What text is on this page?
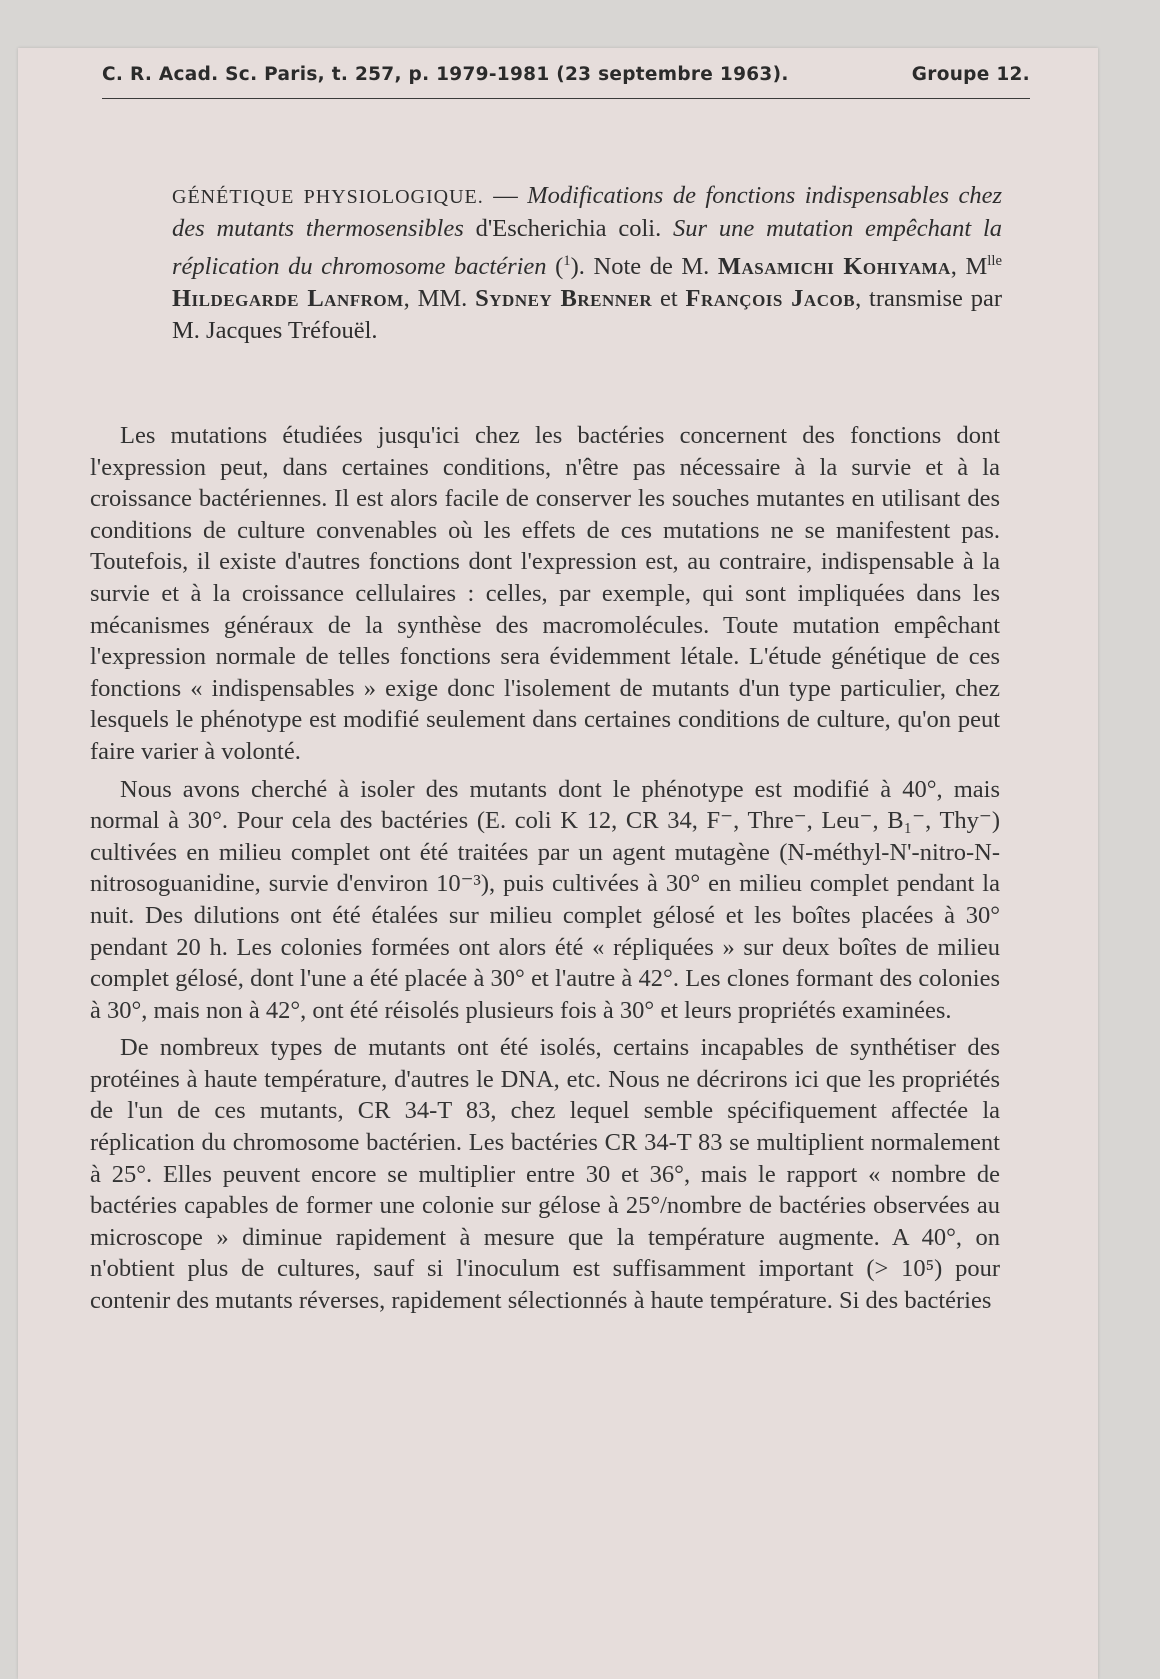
C. R. Acad. Sc. Paris, t. 257, p. 1979-1981 (23 septembre 1963).	Groupe 12.
GÉNÉTIQUE PHYSIOLOGIQUE. — Modifications de fonctions indispensables chez des mutants thermosensibles d'Escherichia coli. Sur une mutation empêchant la réplication du chromosome bactérien ($^1$). Note de M. Masamichi Kohiyama, $M^{lle}$ Hildegarde Lanfrom, MM. Sydney Brenner et François Jacob, transmise par M. Jacques Tréfouël.

Les mutations étudiées jusqu'ici chez les bactéries concernent des fonctions dont l'expression peut, dans certaines conditions, n'être pas nécessaire à la survie et à la croissance bactériennes. Il est alors facile de conserver les souches mutantes en utilisant des conditions de culture convenables où les effets de ces mutations ne se manifestent pas. Toutefois, il existe d'autres fonctions dont l'expression est, au contraire, indispensable à la survie et à la croissance cellulaires : celles, par exemple, qui sont impliquées dans les mécanismes généraux de la synthèse des macromolécules. Toute mutation empêchant l'expression normale de telles fonctions sera évidemment létale. L'étude génétique de ces fonctions « indispensables » exige donc l'isolement de mutants d'un type particulier, chez lesquels le phénotype est modifié seulement dans certaines conditions de culture, qu'on peut faire varier à volonté.

Nous avons cherché à isoler des mutants dont le phénotype est modifié à 40°, mais normal à 30°. Pour cela des bactéries (E. coli K 12, CR 34, F⁻, Thre⁻, Leu⁻, B₁⁻, Thy⁻) cultivées en milieu complet ont été traitées par un agent mutagène (N-méthyl-N'-nitro-N-nitrosoguanidine, survie d'environ 10⁻³), puis cultivées à 30° en milieu complet pendant la nuit. Des dilutions ont été étalées sur milieu complet gélosé et les boîtes placées à 30° pendant 20 h. Les colonies formées ont alors été « répliquées » sur deux boîtes de milieu complet gélosé, dont l'une a été placée à 30° et l'autre à 42°. Les clones formant des colonies à 30°, mais non à 42°, ont été réisolés plusieurs fois à 30° et leurs propriétés examinées.

De nombreux types de mutants ont été isolés, certains incapables de synthétiser des protéines à haute température, d'autres le DNA, etc. Nous ne décrirons ici que les propriétés de l'un de ces mutants, CR 34-T 83, chez lequel semble spécifiquement affectée la réplication du chromosome bactérien. Les bactéries CR 34-T 83 se multiplient normalement à 25°. Elles peuvent encore se multiplier entre 30 et 36°, mais le rapport « nombre de bactéries capables de former une colonie sur gélose à 25°/nombre de bactéries observées au microscope » diminue rapidement à mesure que la température augmente. A 40°, on n'obtient plus de cultures, sauf si l'inoculum est suffisamment important (> 10⁵) pour contenir des mutants réverses, rapidement sélectionnés à haute température. Si des bactéries
